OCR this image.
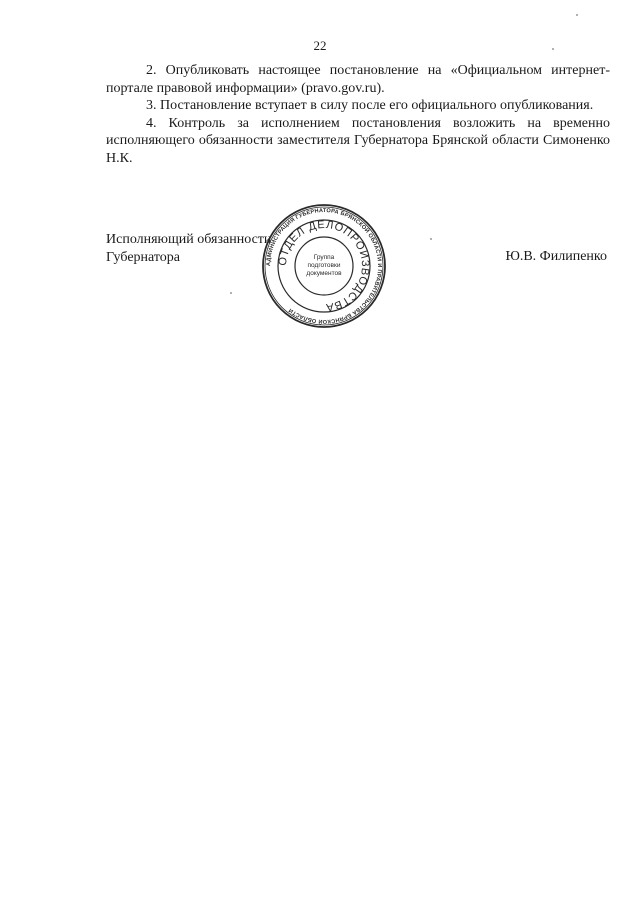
22

2. Опубликовать настоящее постановление на «Официальном интернет-портале правовой информации» (pravo.gov.ru).

3. Постановление вступает в силу после его официального опубликования.

4. Контроль за исполнением постановления возложить на временно исполняющего обязанности заместителя Губернатора Брянской области Симоненко Н.К.

Исполняющий обязанности
Губернатора	Ю.В. Филипенко
АДМИНИСТРАЦИЯ ГУБЕРНАТОРА БРЯНСКОЙ ОБЛАСТИ И ПРАВИТЕЛЬСТВА БРЯНСКОЙ ОБЛАСТИ
ОТДЕЛ ДЕЛОПРОИЗВОДСТВА
Группа
подготовки
документов
